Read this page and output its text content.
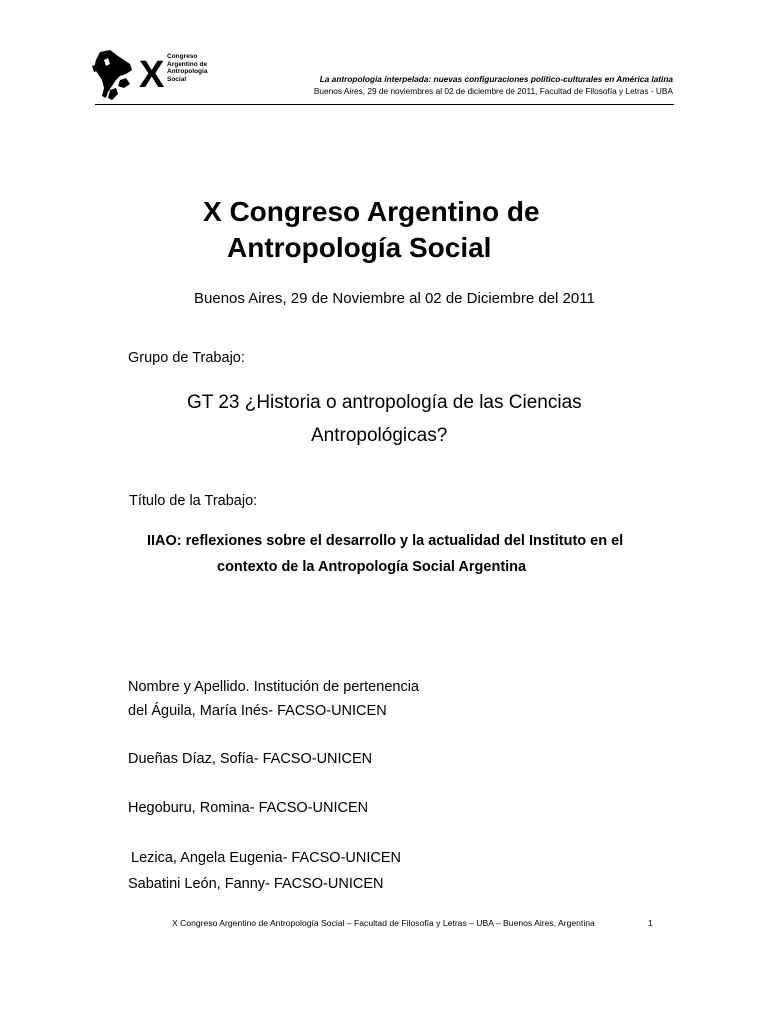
X Congreso
Argentino de
Antropología
Social	La antropología interpelada: nuevas configuraciones político-culturales en América latina
Buenos Aires, 29 de noviembres al 02 de diciembre de 2011, Facultad de Filosofía y Letras - UBA
X Congreso Argentino de
Antropología Social
Buenos Aires, 29 de Noviembre al 02 de Diciembre del 2011
Grupo de Trabajo:
GT 23 ¿Historia o antropología de las Ciencias
Antropológicas?
Título de la Trabajo:
IIAO: reflexiones sobre el desarrollo y la actualidad del Instituto en el
contexto de la Antropología Social Argentina
Nombre y Apellido. Institución de pertenencia
del Águila, María Inés- FACSO-UNICEN
Dueñas Díaz, Sofía- FACSO-UNICEN
Hegoburu, Romina- FACSO-UNICEN
Lezica, Angela Eugenia- FACSO-UNICEN
Sabatini León, Fanny- FACSO-UNICEN
X Congreso Argentino de Antropología Social – Facultad de Filosofía y Letras – UBA – Buenos Aires, Argentina	1
